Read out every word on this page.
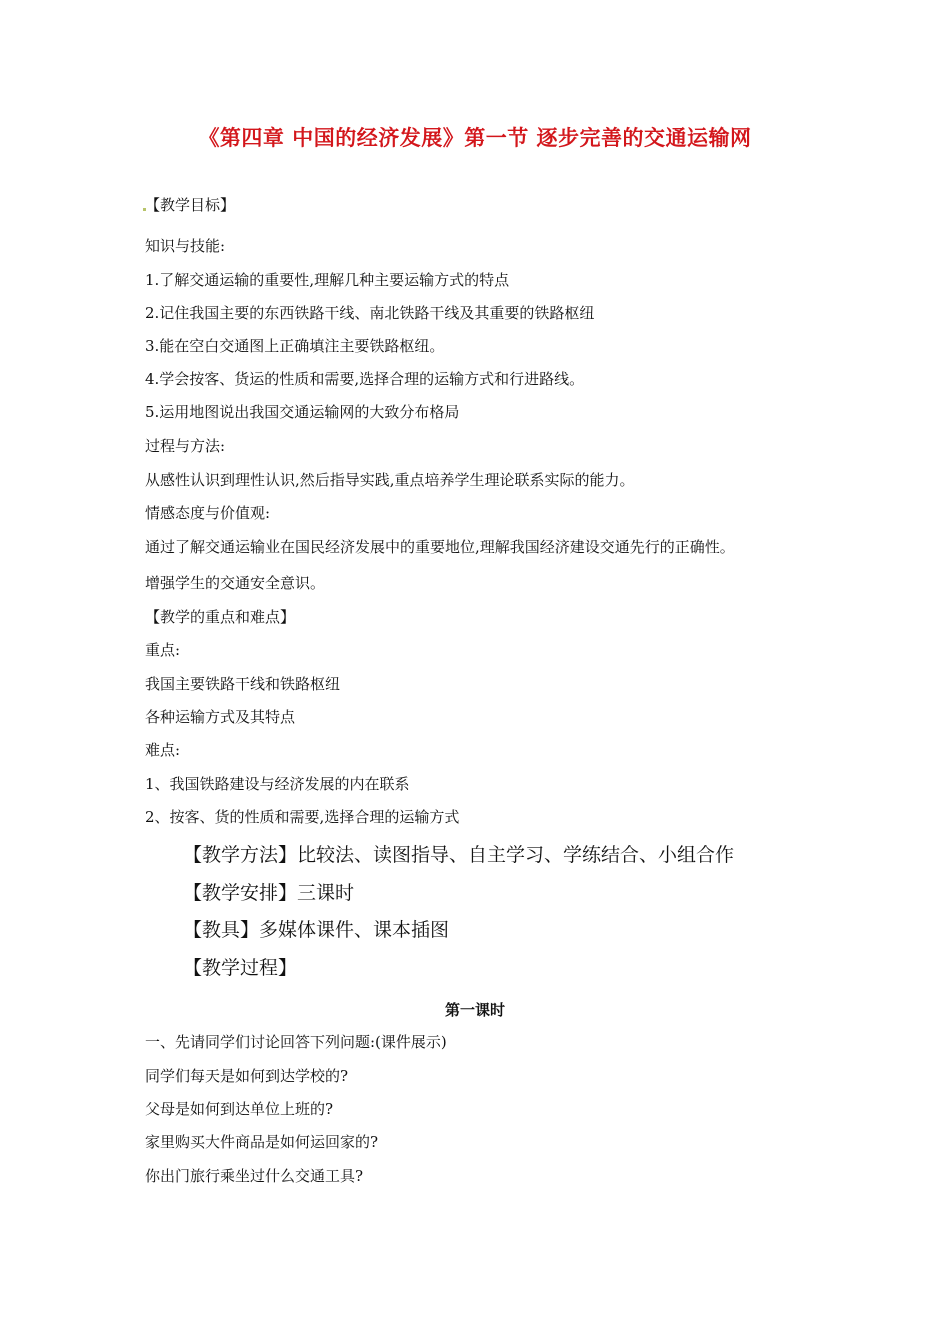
《第四章 中国的经济发展》第一节 逐步完善的交通运输网
【教学目标】
知识与技能:
1.了解交通运输的重要性,理解几种主要运输方式的特点
2.记住我国主要的东西铁路干线、南北铁路干线及其重要的铁路枢纽
3.能在空白交通图上正确填注主要铁路枢纽。
4.学会按客、货运的性质和需要,选择合理的运输方式和行进路线。
5.运用地图说出我国交通运输网的大致分布格局
过程与方法:
从感性认识到理性认识,然后指导实践,重点培养学生理论联系实际的能力。
情感态度与价值观:
通过了解交通运输业在国民经济发展中的重要地位,理解我国经济建设交通先行的正确性。
增强学生的交通安全意识。
【教学的重点和难点】
重点:
我国主要铁路干线和铁路枢纽
各种运输方式及其特点
难点:
1、我国铁路建设与经济发展的内在联系
2、按客、货的性质和需要,选择合理的运输方式
【教学方法】比较法、读图指导、自主学习、学练结合、小组合作
【教学安排】三课时
【教具】多媒体课件、课本插图
【教学过程】
第一课时
一、先请同学们讨论回答下列问题:(课件展示)
同学们每天是如何到达学校的?
父母是如何到达单位上班的?
家里购买大件商品是如何运回家的?
你出门旅行乘坐过什么交通工具?
